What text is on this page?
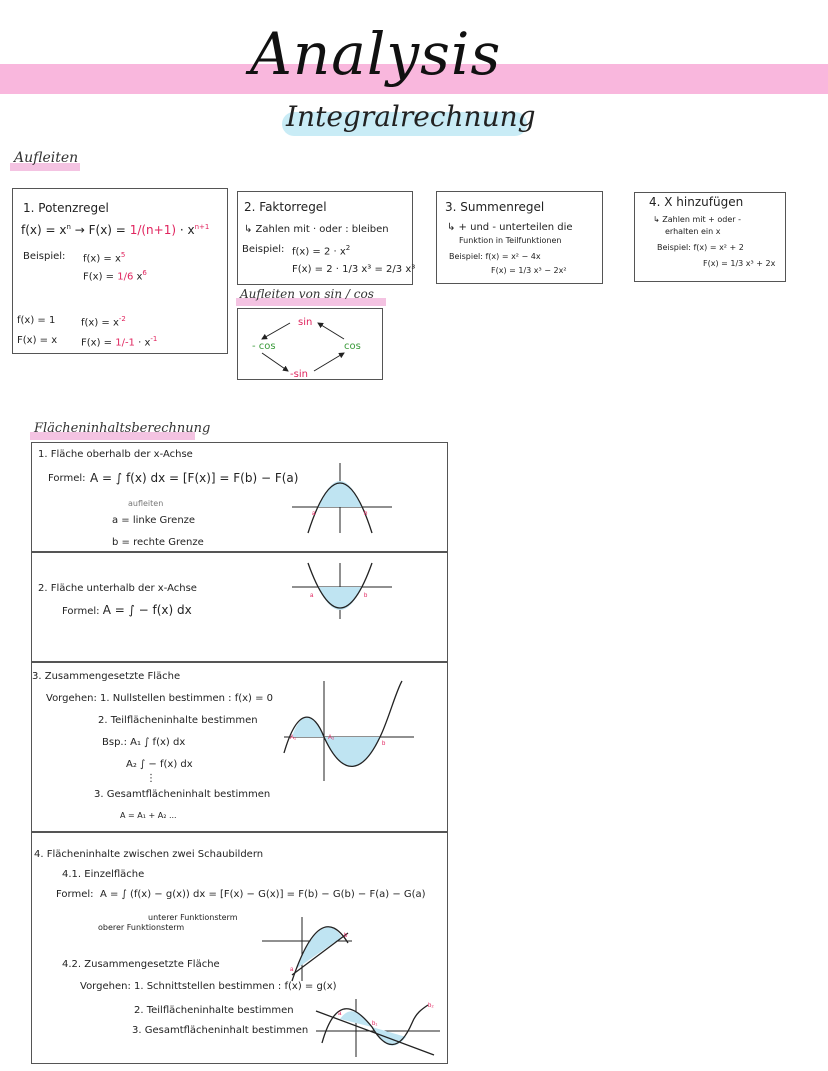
Analysis
Integralrechnung
Aufleiten
1. Potenzregel
$f(x) = x^n \to F(x) = 1/(n+1) \cdot x^{n+1}$
Beispiel: $f(x) = x^5$
F(x) = 1/6 $x^6$
f(x) = 1
F(x) = x
$f(x) = x^{-2}$
$F(x) = 1/-1 \cdot x^{-1}$
2. Faktorregel
↳ Zahlen mit · oder : bleiben
Beispiel: $f(x) = 2 \cdot x^2$
F(x) = 2 · 1/3 x³ = 2/3 x³
3. Summenregel
↳ + und - unterteilen die
Funktion in Teilfunktionen
Beispiel: f(x) = x² − 4x
F(x) = 1/3 x³ − 2x²
4. X hinzufügen
↳ Zahlen mit + oder -
erhalten ein x
Beispiel: f(x) = x² + 2
F(x) = 1/3 x³ + 2x
Aufleiten von sin / cos
sin
- cos	cos
-sin
Flächeninhaltsberechnung
1. Fläche oberhalb der x-Achse
Formel: A = ∫ f(x) dx = [F(x)] = F(b) − F(a)
aufleiten
a = linke Grenze
b = rechte Grenze
a	b
2. Fläche unterhalb der x-Achse
Formel: A = ∫ − f(x) dx
a	b
3. Zusammengesetzte Fläche
Vorgehen: 1. Nullstellen bestimmen : f(x) = 0
2. Teilflächeninhalte bestimmen
Bsp.: A₁ ∫ f(x) dx
A₂ ∫ − f(x) dx
⋮
3. Gesamtflächeninhalt bestimmen
A = A₁ + A₂ ...
A₁	A₂
b
4. Flächeninhalte zwischen zwei Schaubildern
4.1. Einzelfläche
Formel: A = ∫ (f(x) − g(x)) dx = [F(x) − G(x)] = F(b) − G(b) − F(a) − G(a)
unterer Funktionsterm
oberer Funktionsterm
4.2. Zusammengesetzte Fläche
Vorgehen: 1. Schnittstellen bestimmen : f(x) = g(x)
2. Teilflächeninhalte bestimmen
3. Gesamtflächeninhalt bestimmen
a
b
a
b₁
b₂
